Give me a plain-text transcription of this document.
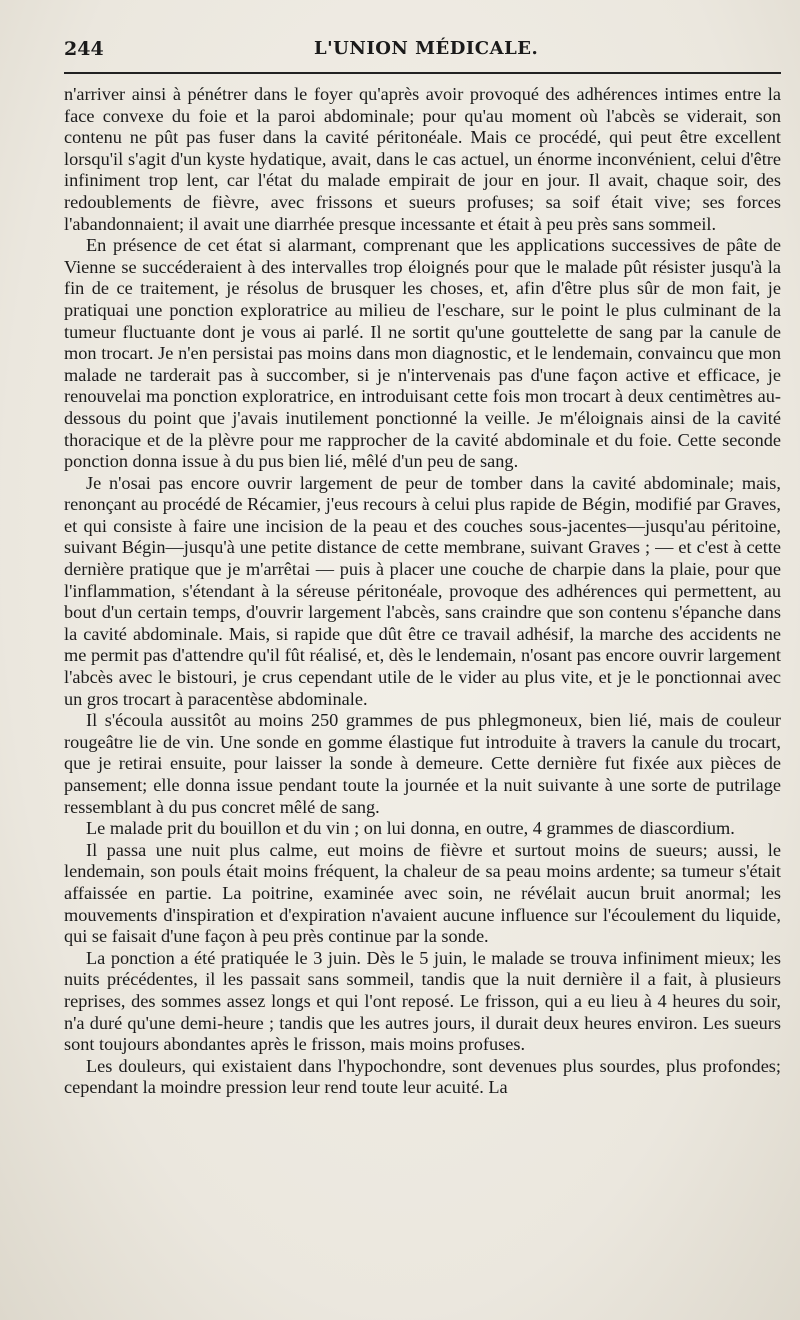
244	L'UNION MÉDICALE.

n'arriver ainsi à pénétrer dans le foyer qu'après avoir provoqué des adhérences intimes entre la face convexe du foie et la paroi abdominale; pour qu'au moment où l'abcès se viderait, son contenu ne pût pas fuser dans la cavité péritonéale. Mais ce procédé, qui peut être excellent lorsqu'il s'agit d'un kyste hydatique, avait, dans le cas actuel, un énorme inconvénient, celui d'être infiniment trop lent, car l'état du malade empirait de jour en jour. Il avait, chaque soir, des redoublements de fièvre, avec frissons et sueurs profuses; sa soif était vive; ses forces l'abandonnaient; il avait une diarrhée presque incessante et était à peu près sans sommeil.

En présence de cet état si alarmant, comprenant que les applications successives de pâte de Vienne se succéderaient à des intervalles trop éloignés pour que le malade pût résister jusqu'à la fin de ce traitement, je résolus de brusquer les choses, et, afin d'être plus sûr de mon fait, je pratiquai une ponction exploratrice au milieu de l'eschare, sur le point le plus culminant de la tumeur fluctuante dont je vous ai parlé. Il ne sortit qu'une gouttelette de sang par la canule de mon trocart. Je n'en persistai pas moins dans mon diagnostic, et le lendemain, convaincu que mon malade ne tarderait pas à succomber, si je n'intervenais pas d'une façon active et efficace, je renouvelai ma ponction exploratrice, en introduisant cette fois mon trocart à deux centimètres au-dessous du point que j'avais inutilement ponctionné la veille. Je m'éloignais ainsi de la cavité thoracique et de la plèvre pour me rapprocher de la cavité abdominale et du foie. Cette seconde ponction donna issue à du pus bien lié, mêlé d'un peu de sang.

Je n'osai pas encore ouvrir largement de peur de tomber dans la cavité abdominale; mais, renonçant au procédé de Récamier, j'eus recours à celui plus rapide de Bégin, modifié par Graves, et qui consiste à faire une incision de la peau et des couches sous-jacentes—jusqu'au péritoine, suivant Bégin—jusqu'à une petite distance de cette membrane, suivant Graves ; — et c'est à cette dernière pratique que je m'arrêtai — puis à placer une couche de charpie dans la plaie, pour que l'inflammation, s'étendant à la séreuse péritonéale, provoque des adhérences qui permettent, au bout d'un certain temps, d'ouvrir largement l'abcès, sans craindre que son contenu s'épanche dans la cavité abdominale. Mais, si rapide que dût être ce travail adhésif, la marche des accidents ne me permit pas d'attendre qu'il fût réalisé, et, dès le lendemain, n'osant pas encore ouvrir largement l'abcès avec le bistouri, je crus cependant utile de le vider au plus vite, et je le ponctionnai avec un gros trocart à paracentèse abdominale.

Il s'écoula aussitôt au moins 250 grammes de pus phlegmoneux, bien lié, mais de couleur rougeâtre lie de vin. Une sonde en gomme élastique fut introduite à travers la canule du trocart, que je retirai ensuite, pour laisser la sonde à demeure. Cette dernière fut fixée aux pièces de pansement; elle donna issue pendant toute la journée et la nuit suivante à une sorte de putrilage ressemblant à du pus concret mêlé de sang.

Le malade prit du bouillon et du vin ; on lui donna, en outre, 4 grammes de diascordium.

Il passa une nuit plus calme, eut moins de fièvre et surtout moins de sueurs; aussi, le lendemain, son pouls était moins fréquent, la chaleur de sa peau moins ardente; sa tumeur s'était affaissée en partie. La poitrine, examinée avec soin, ne révélait aucun bruit anormal; les mouvements d'inspiration et d'expiration n'avaient aucune influence sur l'écoulement du liquide, qui se faisait d'une façon à peu près continue par la sonde.

La ponction a été pratiquée le 3 juin. Dès le 5 juin, le malade se trouva infiniment mieux; les nuits précédentes, il les passait sans sommeil, tandis que la nuit dernière il a fait, à plusieurs reprises, des sommes assez longs et qui l'ont reposé. Le frisson, qui a eu lieu à 4 heures du soir, n'a duré qu'une demi-heure ; tandis que les autres jours, il durait deux heures environ. Les sueurs sont toujours abondantes après le frisson, mais moins profuses.

Les douleurs, qui existaient dans l'hypochondre, sont devenues plus sourdes, plus profondes; cependant la moindre pression leur rend toute leur acuité. La
